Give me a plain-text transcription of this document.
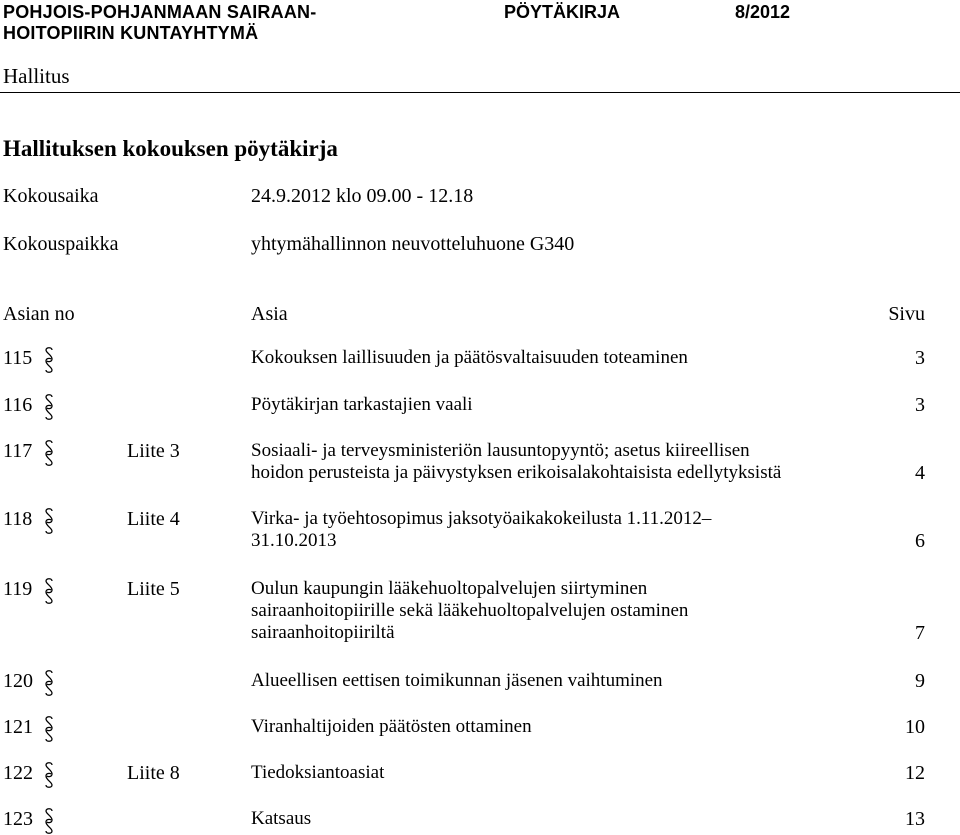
POHJOIS-POHJANMAAN SAIRAAN-
HOITOPIIRIN KUNTAYHTYMÄ
PÖYTÄKIRJA	8/2012
Hallitus
Hallituksen kokouksen pöytäkirja
Kokousaika	24.9.2012 klo 09.00 - 12.18
Kokouspaikka	yhtymähallinnon neuvotteluhuone G340
Asian no	Asia	Sivu
115	Kokouksen laillisuuden ja päätösvaltaisuuden toteaminen	3
116	Pöytäkirjan tarkastajien vaali	3
117	Liite 3	Sosiaali- ja terveysministeriön lausuntopyyntö; asetus kiireellisen
hoidon perusteista ja päivystyksen erikoisalakohtaisista edellytyksistä	4
118	Liite 4	Virka- ja työehtosopimus jaksotyöaikakokeilusta 1.11.2012–
31.10.2013	6
119	Liite 5	Oulun kaupungin lääkehuoltopalvelujen siirtyminen
sairaanhoitopiirille sekä lääkehuoltopalvelujen ostaminen
sairaanhoitopiiriltä	7
120	Alueellisen eettisen toimikunnan jäsenen vaihtuminen	9
121	Viranhaltijoiden päätösten ottaminen	10
122	Liite 8	Tiedoksiantoasiat	12
123	Katsaus	13
